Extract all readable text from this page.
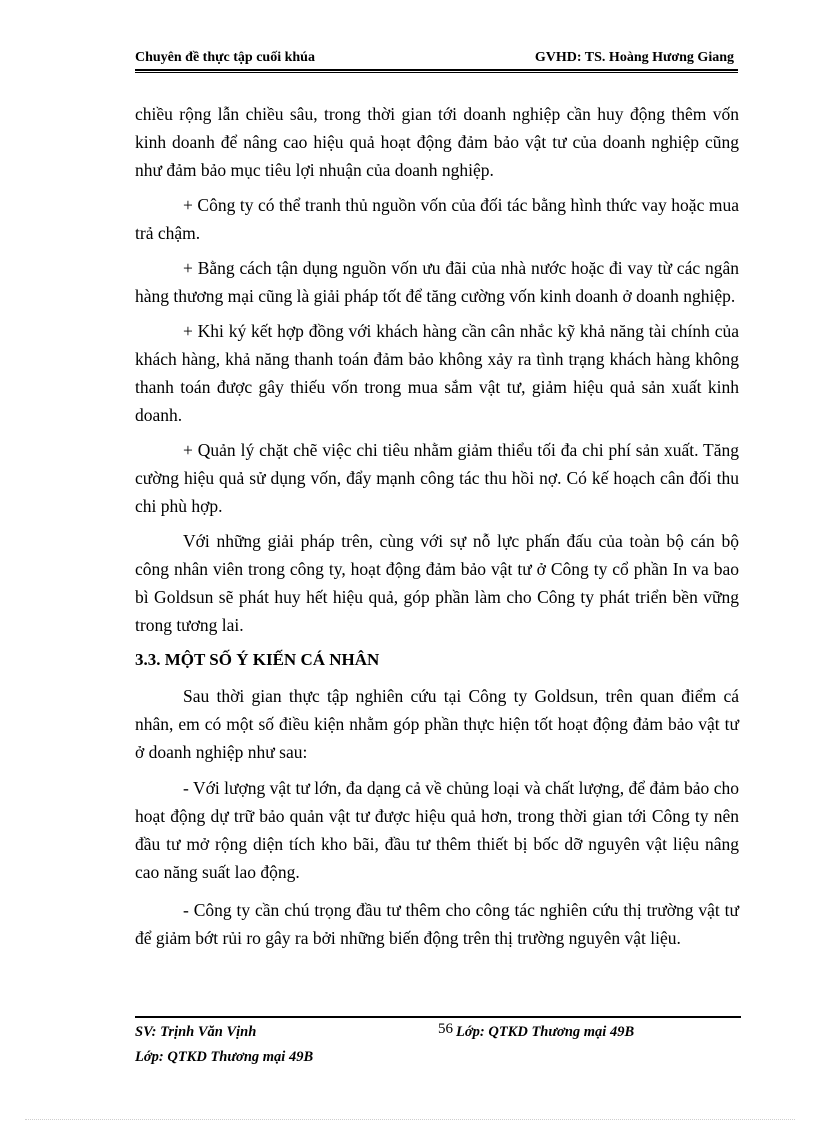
Chuyên đề thực tập cuối khúa	GVHD: TS. Hoàng Hương Giang

chiều rộng lẫn chiều sâu, trong thời gian tới doanh nghiệp cần huy động thêm vốn kinh doanh để nâng cao hiệu quả hoạt động đảm bảo vật tư của doanh nghiệp cũng như đảm bảo mục tiêu lợi nhuận của doanh nghiệp.

+ Công ty có thể tranh thủ nguồn vốn của đối tác bằng hình thức vay hoặc mua trả chậm.

+ Bằng cách tận dụng nguồn vốn ưu đãi của nhà nước hoặc đi vay từ các ngân hàng thương mại cũng là giải pháp tốt để tăng cường vốn kinh doanh ở doanh nghiệp.

+ Khi ký kết hợp đồng với khách hàng cần cân nhắc kỹ khả năng tài chính của khách hàng, khả năng thanh toán đảm bảo không xảy ra tình trạng khách hàng không thanh toán được gây thiếu vốn trong mua sắm vật tư, giảm hiệu quả sản xuất kinh doanh.

+ Quản lý chặt chẽ việc chi tiêu nhằm giảm thiểu tối đa chi phí sản xuất. Tăng cường hiệu quả sử dụng vốn, đẩy mạnh công tác thu hồi nợ. Có kế hoạch cân đối thu chi phù hợp.

Với những giải pháp trên, cùng với sự nỗ lực phấn đấu của toàn bộ cán bộ công nhân viên trong công ty, hoạt động đảm bảo vật tư ở Công ty cổ phần In va bao bì Goldsun sẽ phát huy hết hiệu quả, góp phần làm cho Công ty phát triển bền vững trong tương lai.

3.3. MỘT SỐ Ý KIẾN CÁ NHÂN

Sau thời gian thực tập nghiên cứu tại Công ty Goldsun, trên quan điểm cá nhân, em có một số điều kiện nhằm góp phần thực hiện tốt hoạt động đảm bảo vật tư ở doanh nghiệp như sau:

- Với lượng vật tư lớn, đa dạng cả về chủng loại và chất lượng, để đảm bảo cho hoạt động dự trữ bảo quản vật tư được hiệu quả hơn, trong thời gian tới Công ty nên đầu tư mở rộng diện tích kho bãi, đầu tư thêm thiết bị bốc dỡ nguyên vật liệu nâng cao năng suất lao động.

- Công ty cần chú trọng đầu tư thêm cho công tác nghiên cứu thị trường vật tư để giảm bớt rủi ro gây ra bởi những biến động trên thị trường nguyên vật liệu.

SV: Trịnh Văn Vịnh	56 Lớp: QTKD Thương mại 49B
Lớp: QTKD Thương mại 49B
